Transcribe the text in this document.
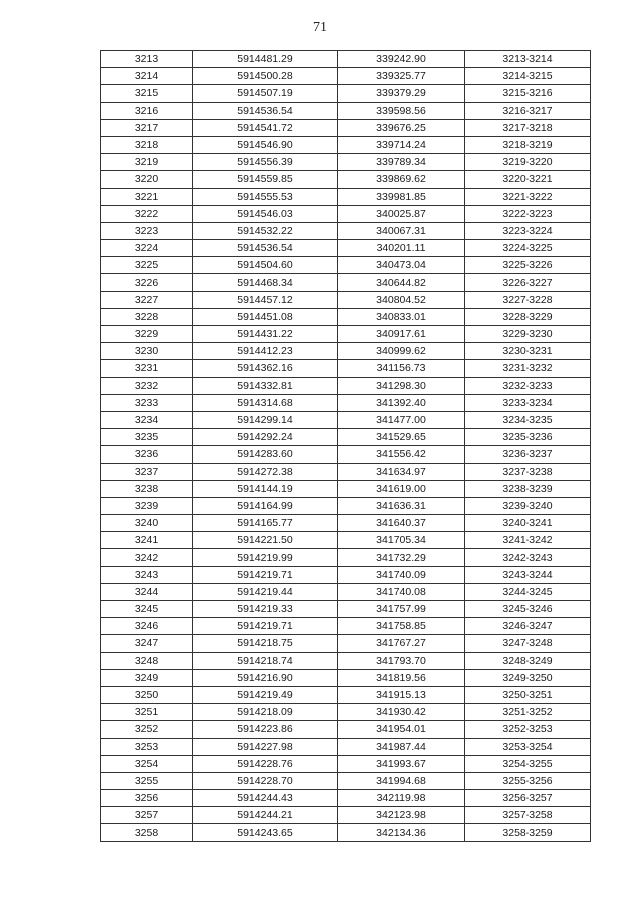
71
3213	5914481.29	339242.90	3213-3214
3214	5914500.28	339325.77	3214-3215
3215	5914507.19	339379.29	3215-3216
3216	5914536.54	339598.56	3216-3217
3217	5914541.72	339676.25	3217-3218
3218	5914546.90	339714.24	3218-3219
3219	5914556.39	339789.34	3219-3220
3220	5914559.85	339869.62	3220-3221
3221	5914555.53	339981.85	3221-3222
3222	5914546.03	340025.87	3222-3223
3223	5914532.22	340067.31	3223-3224
3224	5914536.54	340201.11	3224-3225
3225	5914504.60	340473.04	3225-3226
3226	5914468.34	340644.82	3226-3227
3227	5914457.12	340804.52	3227-3228
3228	5914451.08	340833.01	3228-3229
3229	5914431.22	340917.61	3229-3230
3230	5914412.23	340999.62	3230-3231
3231	5914362.16	341156.73	3231-3232
3232	5914332.81	341298.30	3232-3233
3233	5914314.68	341392.40	3233-3234
3234	5914299.14	341477.00	3234-3235
3235	5914292.24	341529.65	3235-3236
3236	5914283.60	341556.42	3236-3237
3237	5914272.38	341634.97	3237-3238
3238	5914144.19	341619.00	3238-3239
3239	5914164.99	341636.31	3239-3240
3240	5914165.77	341640.37	3240-3241
3241	5914221.50	341705.34	3241-3242
3242	5914219.99	341732.29	3242-3243
3243	5914219.71	341740.09	3243-3244
3244	5914219.44	341740.08	3244-3245
3245	5914219.33	341757.99	3245-3246
3246	5914219.71	341758.85	3246-3247
3247	5914218.75	341767.27	3247-3248
3248	5914218.74	341793.70	3248-3249
3249	5914216.90	341819.56	3249-3250
3250	5914219.49	341915.13	3250-3251
3251	5914218.09	341930.42	3251-3252
3252	5914223.86	341954.01	3252-3253
3253	5914227.98	341987.44	3253-3254
3254	5914228.76	341993.67	3254-3255
3255	5914228.70	341994.68	3255-3256
3256	5914244.43	342119.98	3256-3257
3257	5914244.21	342123.98	3257-3258
3258	5914243.65	342134.36	3258-3259
